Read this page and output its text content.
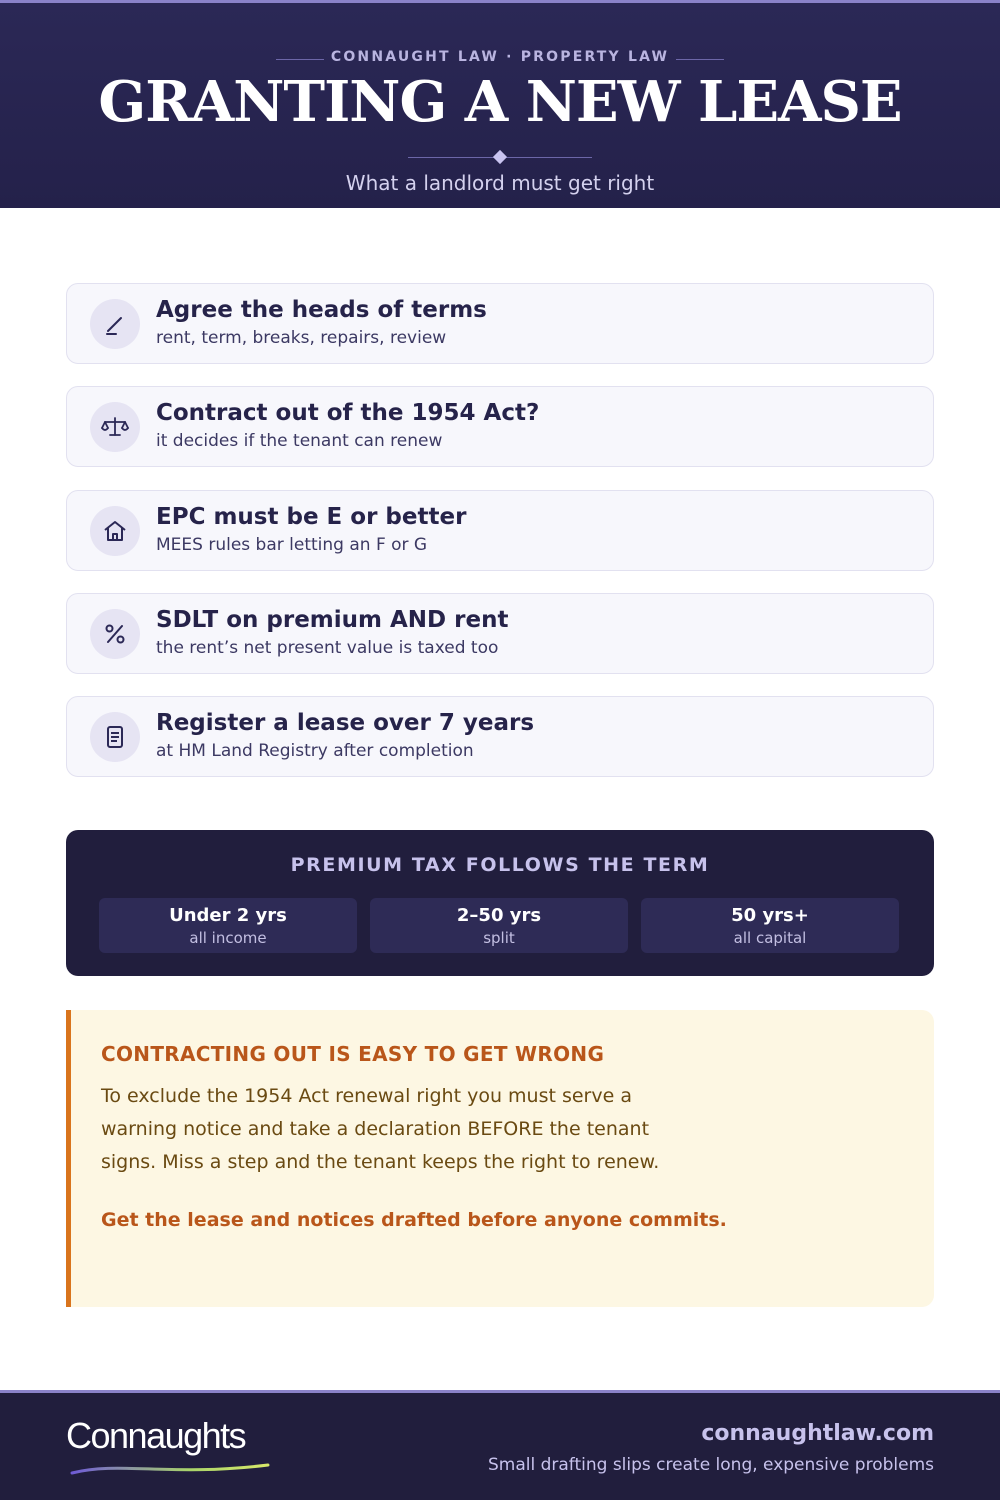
CONNAUGHT LAW · PROPERTY LAW
GRANTING A NEW LEASE
What a landlord must get right
Agree the heads of terms
rent, term, breaks, repairs, review
Contract out of the 1954 Act?
it decides if the tenant can renew
EPC must be E or better
MEES rules bar letting an F or G
SDLT on premium AND rent
the rent’s net present value is taxed too
Register a lease over 7 years
at HM Land Registry after completion
PREMIUM TAX FOLLOWS THE TERM
Under 2 yrs
all income
2–50 yrs
split
50 yrs+
all capital
CONTRACTING OUT IS EASY TO GET WRONG

To exclude the 1954 Act renewal right you must serve a warning notice and take a declaration BEFORE the tenant signs. Miss a step and the tenant keeps the right to renew.

Get the lease and notices drafted before anyone commits.
Connaughts	connaughtlaw.com
Small drafting slips create long, expensive problems
